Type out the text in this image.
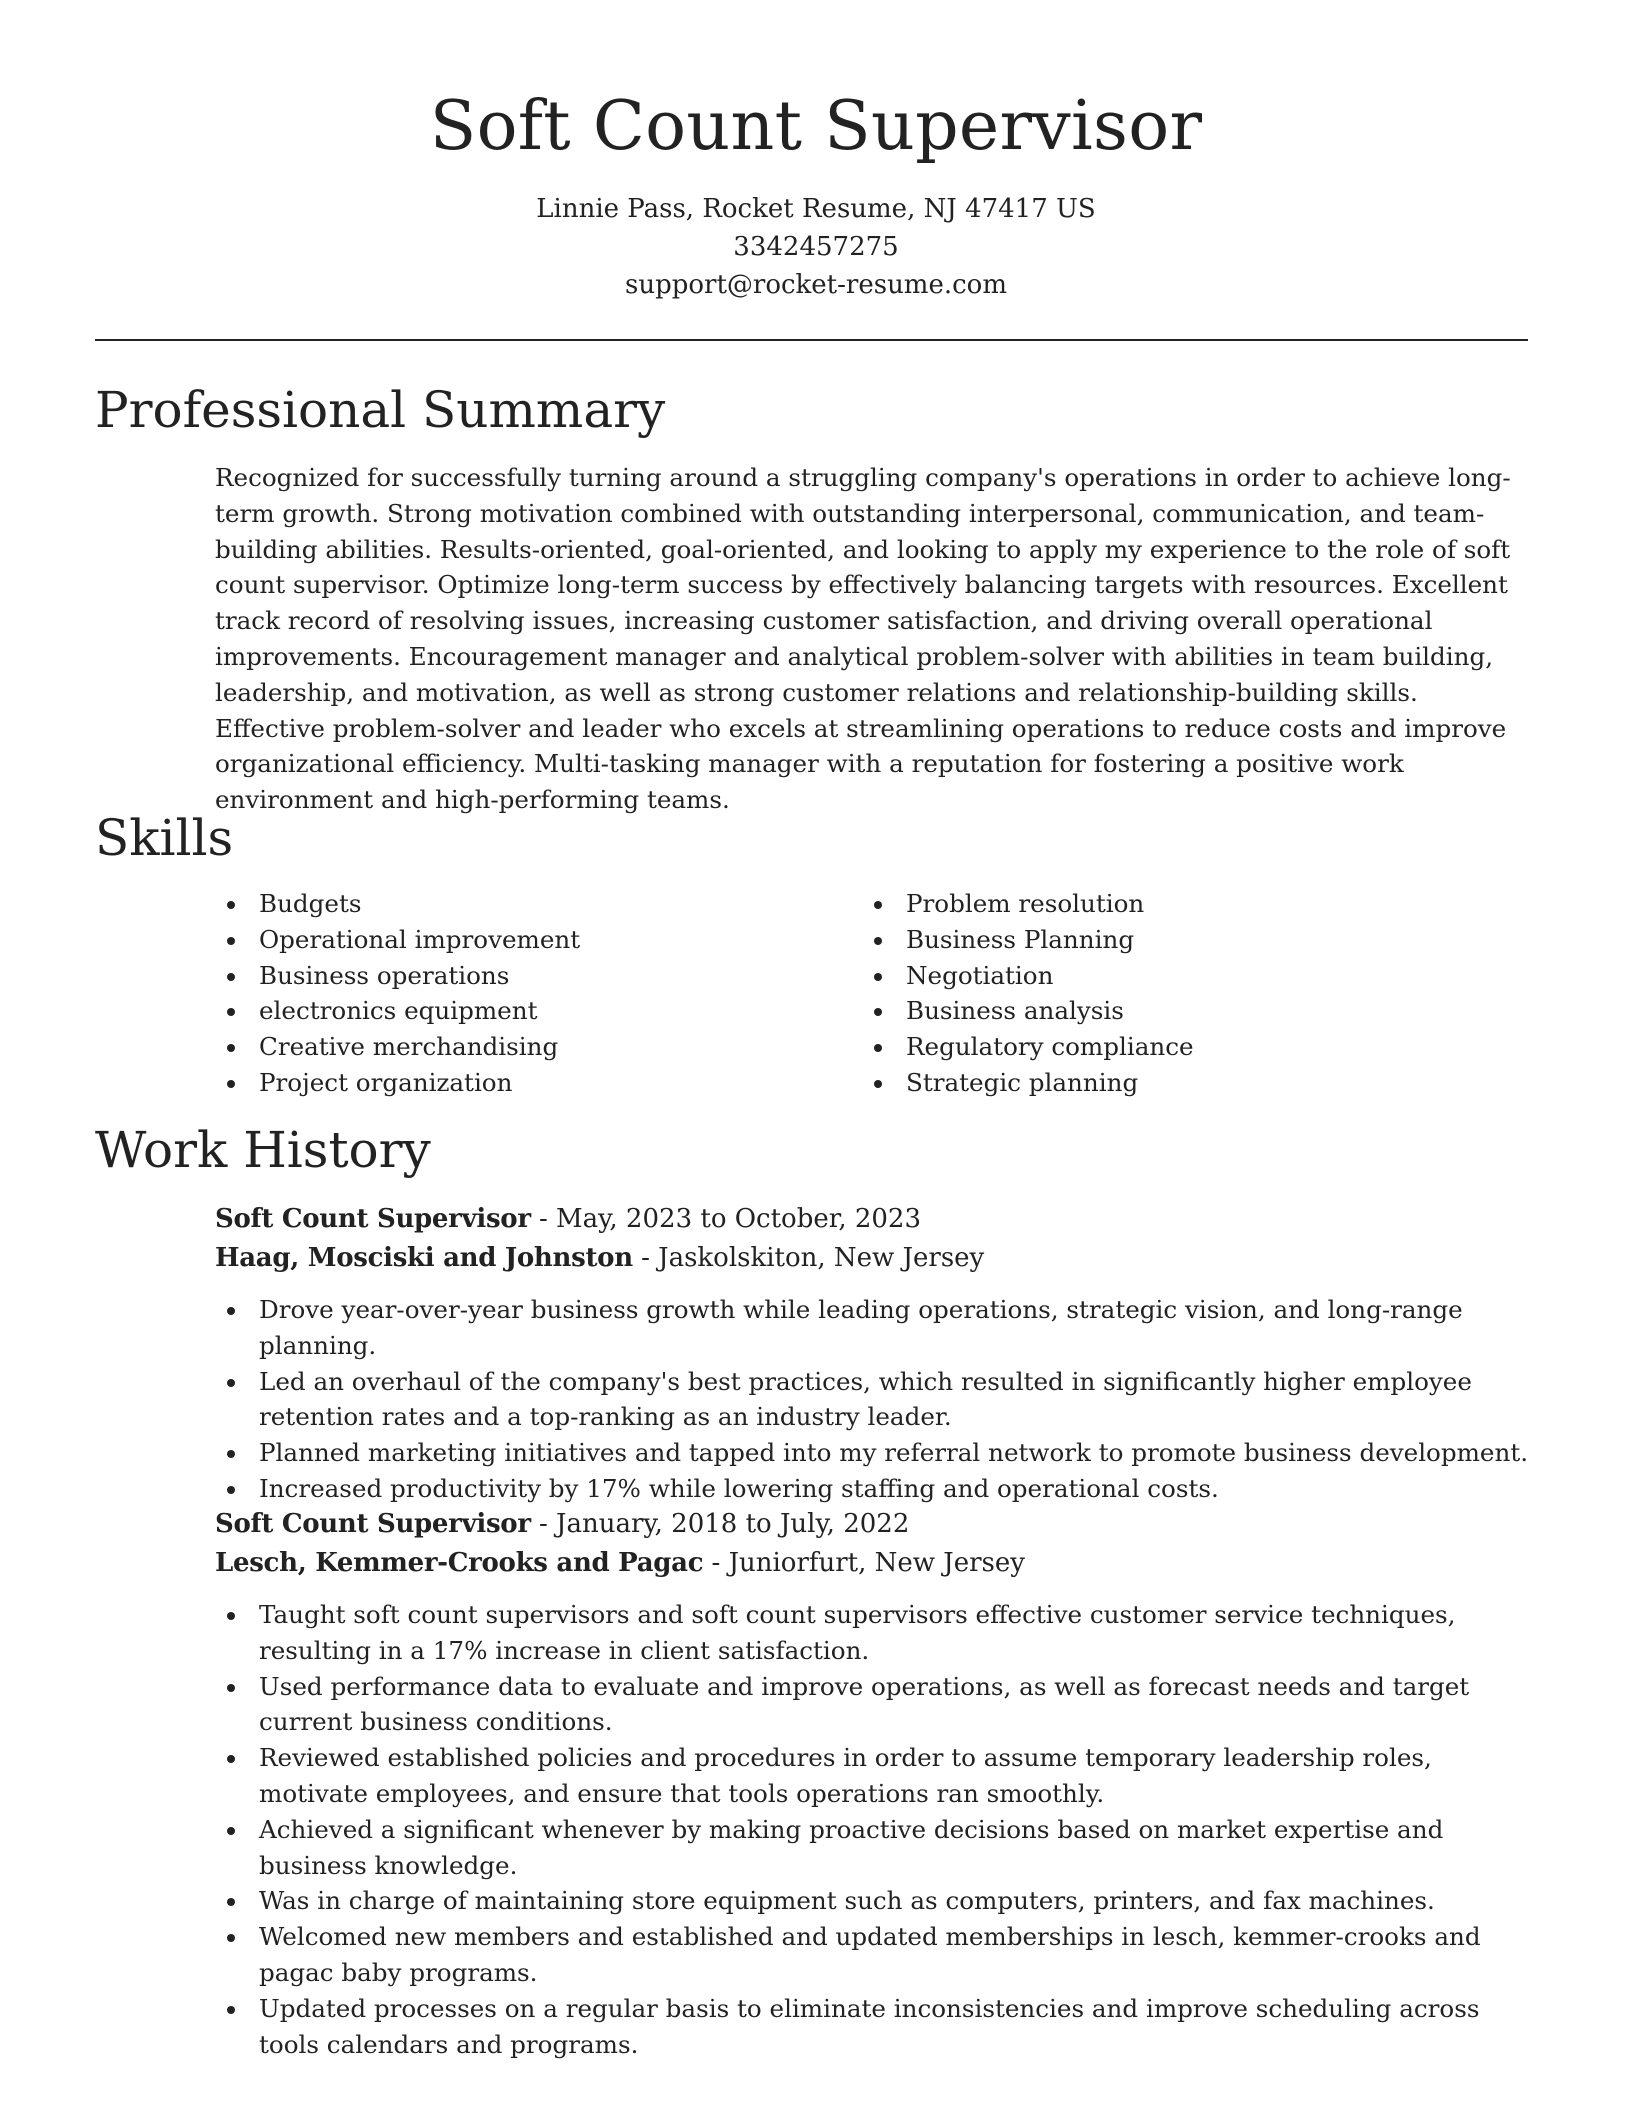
Soft Count Supervisor
Linnie Pass, Rocket Resume, NJ 47417 US
3342457275
support@rocket-resume.com
Professional Summary

Recognized for successfully turning around a struggling company's operations in order to achieve long-term growth. Strong motivation combined with outstanding interpersonal, communication, and team-building abilities. Results-oriented, goal-oriented, and looking to apply my experience to the role of soft count supervisor. Optimize long-term success by effectively balancing targets with resources. Excellent track record of resolving issues, increasing customer satisfaction, and driving overall operational improvements. Encouragement manager and analytical problem-solver with abilities in team building, leadership, and motivation, as well as strong customer relations and relationship-building skills. Effective problem-solver and leader who excels at streamlining operations to reduce costs and improve organizational efficiency. Multi-tasking manager with a reputation for fostering a positive work environment and high-performing teams.

Skills
Budgets
Operational improvement
Business operations
electronics equipment
Creative merchandising
Project organization
Problem resolution
Business Planning
Negotiation
Business analysis
Regulatory compliance
Strategic planning
Work History
Soft Count Supervisor - May, 2023 to October, 2023
Haag, Mosciski and Johnston - Jaskolskiton, New Jersey
Drove year-over-year business growth while leading operations, strategic vision, and long-range planning.
Led an overhaul of the company's best practices, which resulted in significantly higher employee retention rates and a top-ranking as an industry leader.
Planned marketing initiatives and tapped into my referral network to promote business development.
Increased productivity by 17% while lowering staffing and operational costs.
Soft Count Supervisor - January, 2018 to July, 2022
Lesch, Kemmer-Crooks and Pagac - Juniorfurt, New Jersey
Taught soft count supervisors and soft count supervisors effective customer service techniques, resulting in a 17% increase in client satisfaction.
Used performance data to evaluate and improve operations, as well as forecast needs and target current business conditions.
Reviewed established policies and procedures in order to assume temporary leadership roles, motivate employees, and ensure that tools operations ran smoothly.
Achieved a significant whenever by making proactive decisions based on market expertise and business knowledge.
Was in charge of maintaining store equipment such as computers, printers, and fax machines.
Welcomed new members and established and updated memberships in lesch, kemmer-crooks and pagac baby programs.
Updated processes on a regular basis to eliminate inconsistencies and improve scheduling across tools calendars and programs.
